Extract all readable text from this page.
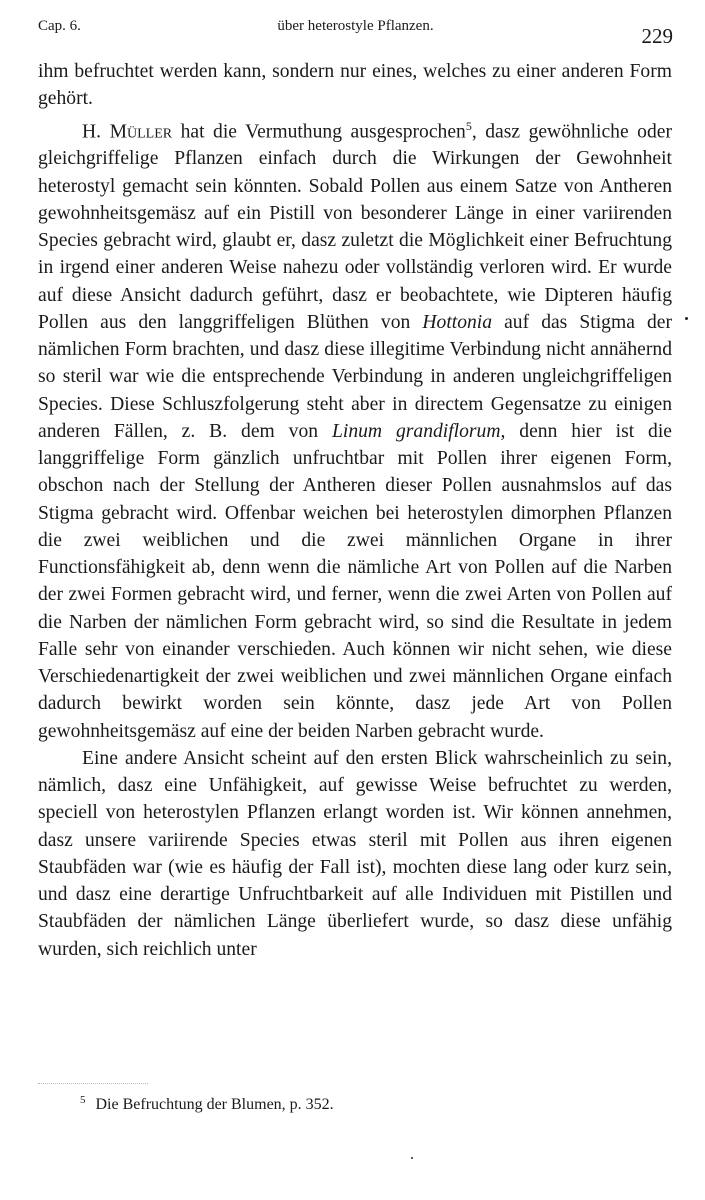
Cap. 6.	über heterostyle Pflanzen.	229

ihm befruchtet werden kann, sondern nur eines, welches zu einer anderen Form gehört.

H. Müller hat die Vermuthung ausgesprochen$^5$, dasz gewöhnliche oder gleichgriffelige Pflanzen einfach durch die Wirkungen der Gewohnheit heterostyl gemacht sein könnten. Sobald Pollen aus einem Satze von Antheren gewohnheitsgemäsz auf ein Pistill von besonderer Länge in einer variirenden Species gebracht wird, glaubt er, dasz zuletzt die Möglichkeit einer Befruchtung in irgend einer anderen Weise nahezu oder vollständig verloren wird. Er wurde auf diese Ansicht dadurch geführt, dasz er beobachtete, wie Dipteren häufig Pollen aus den langgriffeligen Blüthen von Hottonia auf das Stigma der nämlichen Form brachten, und dasz diese illegitime Verbindung nicht annähernd so steril war wie die entsprechende Verbindung in anderen ungleichgriffeligen Species. Diese Schluszfolgerung steht aber in directem Gegensatze zu einigen anderen Fällen, z. B. dem von Linum grandiflorum, denn hier ist die langgriffelige Form gänzlich unfruchtbar mit Pollen ihrer eigenen Form, obschon nach der Stellung der Antheren dieser Pollen ausnahmslos auf das Stigma gebracht wird. Offenbar weichen bei heterostylen dimorphen Pflanzen die zwei weiblichen und die zwei männlichen Organe in ihrer Functionsfähigkeit ab, denn wenn die nämliche Art von Pollen auf die Narben der zwei Formen gebracht wird, und ferner, wenn die zwei Arten von Pollen auf die Narben der nämlichen Form gebracht wird, so sind die Resultate in jedem Falle sehr von einander verschieden. Auch können wir nicht sehen, wie diese Verschiedenartigkeit der zwei weiblichen und zwei männlichen Organe einfach dadurch bewirkt worden sein könnte, dasz jede Art von Pollen gewohnheitsgemäsz auf eine der beiden Narben gebracht wurde.

Eine andere Ansicht scheint auf den ersten Blick wahrscheinlich zu sein, nämlich, dasz eine Unfähigkeit, auf gewisse Weise befruchtet zu werden, speciell von heterostylen Pflanzen erlangt worden ist. Wir können annehmen, dasz unsere variirende Species etwas steril mit Pollen aus ihren eigenen Staubfäden war (wie es häufig der Fall ist), mochten diese lang oder kurz sein, und dasz eine derartige Unfruchtbarkeit auf alle Individuen mit Pistillen und Staubfäden der nämlichen Länge überliefert wurde, so dasz diese unfähig wurden, sich reichlich unter

$^5$ Die Befruchtung der Blumen, p. 352.
